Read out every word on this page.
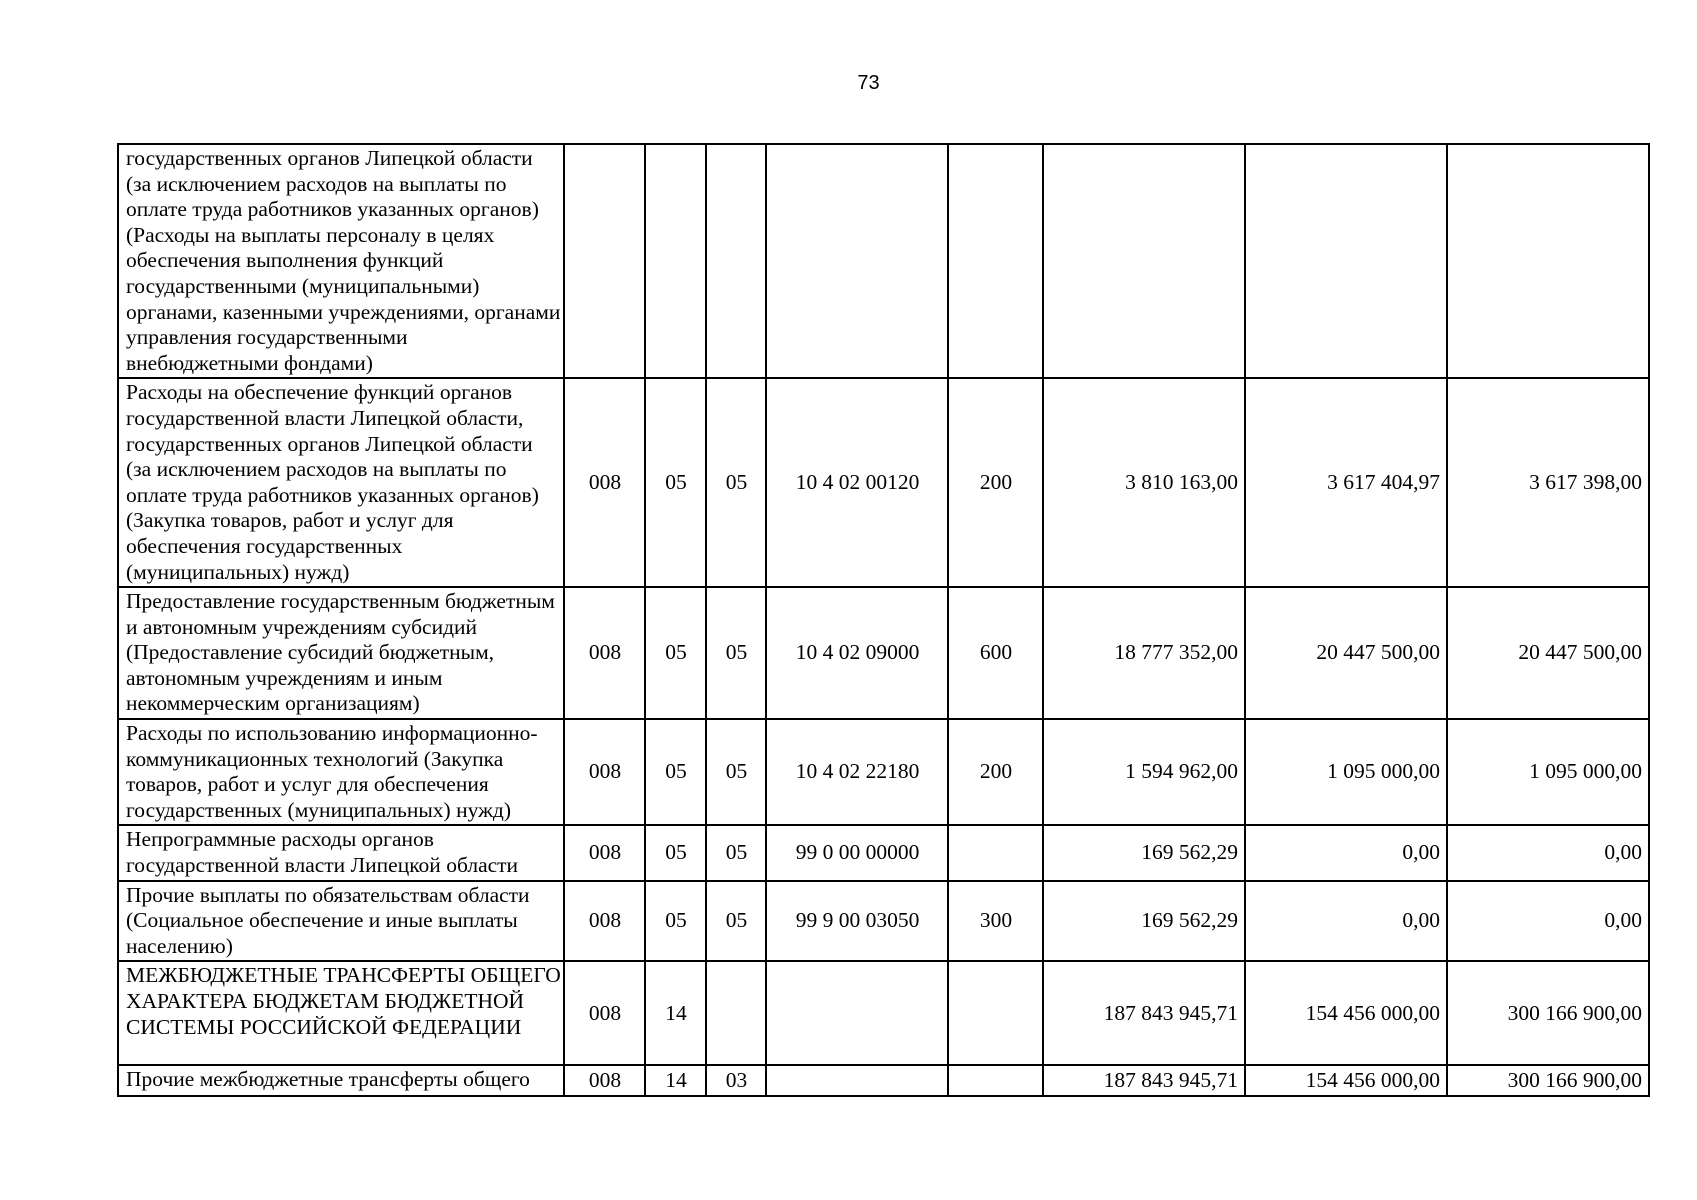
73
государственных органов Липецкой области (за исключением расходов на выплаты по оплате труда работников указанных органов) (Расходы на выплаты персоналу в целях обеспечения выполнения функций государственными (муниципальными) органами, казенными учреждениями, органами управления государственными внебюджетными фондами)								
Расходы на обеспечение функций органов государственной власти Липецкой области, государственных органов Липецкой области (за исключением расходов на выплаты по оплате труда работников указанных органов) (Закупка товаров, работ и услуг для обеспечения государственных (муниципальных) нужд)	008	05	05	10 4 02 00120	200	3 810 163,00	3 617 404,97	3 617 398,00
Предоставление государственным бюджетным и автономным учреждениям субсидий (Предоставление субсидий бюджетным, автономным учреждениям и иным некоммерческим организациям)	008	05	05	10 4 02 09000	600	18 777 352,00	20 447 500,00	20 447 500,00
Расходы по использованию информационно-коммуникационных технологий (Закупка товаров, работ и услуг для обеспечения государственных (муниципальных) нужд)	008	05	05	10 4 02 22180	200	1 594 962,00	1 095 000,00	1 095 000,00
Непрограммные расходы органов государственной власти Липецкой области	008	05	05	99 0 00 00000		169 562,29	0,00	0,00
Прочие выплаты по обязательствам области (Социальное обеспечение и иные выплаты населению)	008	05	05	99 9 00 03050	300	169 562,29	0,00	0,00
МЕЖБЮДЖЕТНЫЕ ТРАНСФЕРТЫ ОБЩЕГО ХАРАКТЕРА БЮДЖЕТАМ БЮДЖЕТНОЙ СИСТЕМЫ РОССИЙСКОЙ ФЕДЕРАЦИИ	008	14				187 843 945,71	154 456 000,00	300 166 900,00
Прочие межбюджетные трансферты общего	008	14	03			187 843 945,71	154 456 000,00	300 166 900,00
